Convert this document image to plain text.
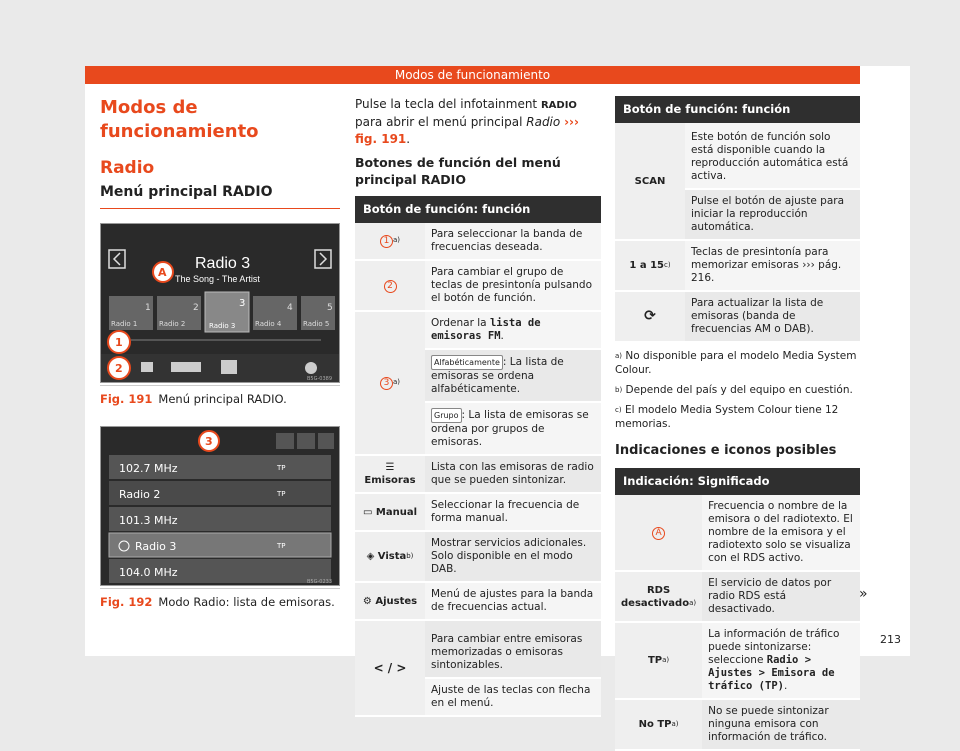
Modos de funcionamiento
Modos de funcionamiento
Radio
Menú principal RADIO
Radio 3
The Song - The Artist
A
1	2	3	4	5
Radio 1	Radio 2	Radio 3	Radio 4	Radio 5
1
2
B5G-0389
Fig. 191 Menú principal RADIO.
3
102.7 MHz
Radio 2
101.3 MHz
Radio 3
104.0 MHz
TP
TP
TP
B5G-0233
Fig. 192 Modo Radio: lista de emisoras.

Pulse la tecla del infotainment RADIO para abrir el menú principal Radio ››› fig. 191.

Botones de función del menú principal RADIO
Botón de función: función	
1 $^{a)}$	Para seleccionar la banda de frecuencias deseada.
2	Para cambiar el grupo de teclas de presintonía pulsando el botón de función.
3 $^{a)}$	Ordenar la lista de emisoras FM.
	Alfabéticamente : La lista de emisoras se ordena alfabéticamente.
	Grupo : La lista de emisoras se ordena por grupos de emisoras.
☰ Emisoras	Lista con las emisoras de radio que se pueden sintonizar.
▭ Manual	Seleccionar la frecuencia de forma manual.
◈ Vista$^{b)}$	Mostrar servicios adicionales. Solo disponible en el modo DAB.
⚙ Ajustes	Menú de ajustes para la banda de frecuencias actual.
< / >	Para cambiar entre emisoras memorizadas o emisoras sintonizables.
	Ajuste de las teclas con flecha en el menú.
Botón de función: función	
SCAN	Este botón de función solo está disponible cuando la reproducción automática está activa.
	Pulse el botón de ajuste para iniciar la reproducción automática.
1 a 15$^{c)}$	Teclas de presintonía para memorizar emisoras ››› pág. 216.
⟳	Para actualizar la lista de emisoras (banda de frecuencias AM o DAB).

$^{a)}$ No disponible para el modelo Media System Colour.

$^{b)}$ Depende del país y del equipo en cuestión.

$^{c)}$ El modelo Media System Colour tiene 12 memorias.

Indicaciones e iconos posibles
Indicación: Significado	
A	Frecuencia o nombre de la emisora o del radiotexto. El nombre de la emisora y el radiotexto solo se visualiza con el RDS activo.
RDS desactivado$^{a)}$	El servicio de datos por radio RDS está desactivado.
TP$^{a)}$	La información de tráfico puede sintonizarse: seleccione Radio > Ajustes > Emisora de tráfico (TP).
No TP$^{a)}$	No se puede sintonizar ninguna emisora con información de tráfico.
»
213
